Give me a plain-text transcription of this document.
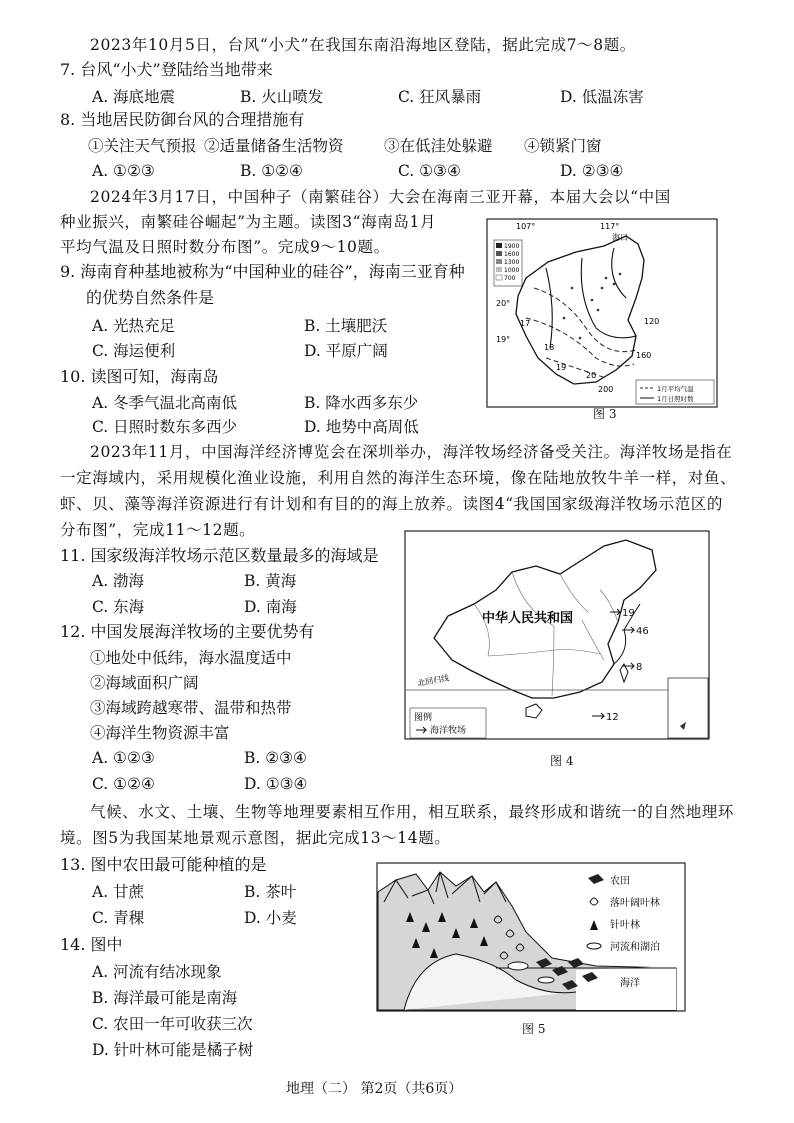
2023年10月5日，台风“小犬”在我国东南沿海地区登陆，据此完成7～8题。
7. 台风“小犬”登陆给当地带来
A. 海底地震	B. 火山喷发	C. 狂风暴雨	D. 低温冻害
8. 当地居民防御台风的合理措施有
①关注天气预报 ②适量储备生活物资	③在低洼处躲避 ④锁紧门窗
A. ①②③	B. ①②④	C. ①③④	D. ②③④
2024年3月17日，中国种子（南繁硅谷）大会在海南三亚开幕，本届大会以“中国
种业振兴，南繁硅谷崛起”为主题。读图3“海南岛1月
平均气温及日照时数分布图”。完成9～10题。
9. 海南育种基地被称为“中国种业的硅谷”，海南三亚育种
的优势自然条件是
A. 光热充足	B. 土壤肥沃
C. 海运便利	D. 平原广阔
10. 读图可知，海南岛
A. 冬季气温北高南低	B. 降水西多东少
C. 日照时数东多西少	D. 地势中高周低
107°	117°
1900
1600
1300
1000
700
海口
20°
19°
17
18
19
20
120
160
200	1月平均气温
1月日照时数
图 3
2023年11月，中国海洋经济博览会在深圳举办，海洋牧场经济备受关注。海洋牧场是指在
一定海域内，采用规模化渔业设施，利用自然的海洋生态环境，像在陆地放牧牛羊一样，对鱼、
虾、贝、藻等海洋资源进行有计划和有目的的海上放养。读图4“我国国家级海洋牧场示范区的
分布图”，完成11～12题。
11. 国家级海洋牧场示范区数量最多的海域是
A. 渤海	B. 黄海
C. 东海	D. 南海
12. 中国发展海洋牧场的主要优势有
①地处中低纬，海水温度适中
②海域面积广阔
③海域跨越寒带、温带和热带
④海洋生物资源丰富
A. ①②③	B. ②③④
C. ①②④	D. ①③④
中华人民共和国	19
46
8
12
北回归线
图例
海洋牧场
图 4
气候、水文、土壤、生物等地理要素相互作用，相互联系，最终形成和谐统一的自然地理环
境。图5为我国某地景观示意图，据此完成13～14题。
13. 图中农田最可能种植的是
A. 甘蔗	B. 茶叶
C. 青稞	D. 小麦
14. 图中
A. 河流有结冰现象
B. 海洋最可能是南海
C. 农田一年可收获三次
D. 针叶林可能是橘子树
农田
落叶阔叶林
针叶林
河流和湖泊
海洋
图 5
地理（二） 第2页（共6页）
